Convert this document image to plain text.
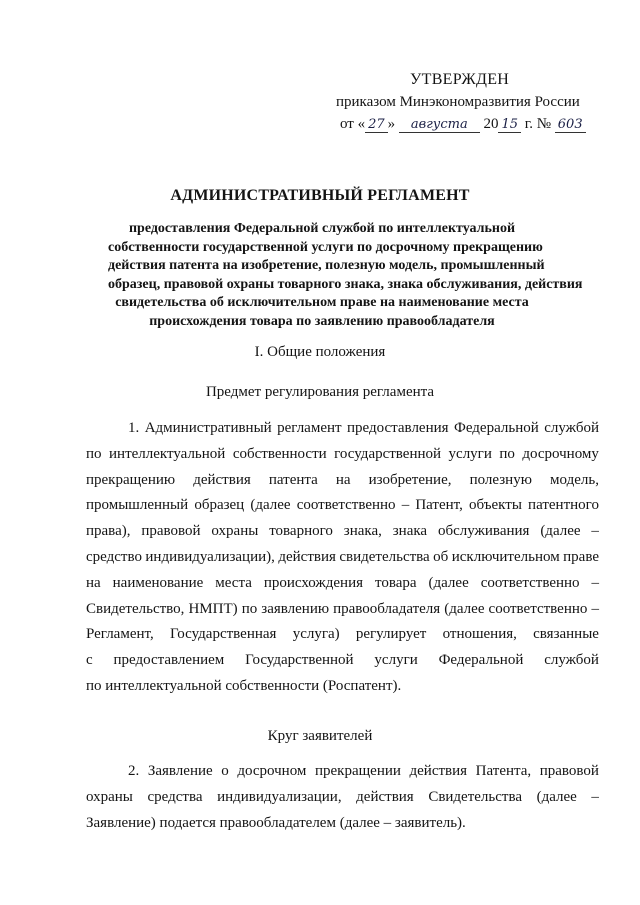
УТВЕРЖДЕН
приказом Минэкономразвития России
от « 27 » августа 20 15 г. № 603
АДМИНИСТРАТИВНЫЙ РЕГЛАМЕНТ
предоставления Федеральной службой по интеллектуальной
собственности государственной услуги по досрочному прекращению
действия патента на изобретение, полезную модель, промышленный
образец, правовой охраны товарного знака, знака обслуживания, действия
свидетельства об исключительном праве на наименование места
происхождения товара по заявлению правообладателя
I. Общие положения
Предмет регулирования регламента
1. Административный регламент предоставления Федеральной службой
по интеллектуальной собственности государственной услуги по досрочному
прекращению действия патента на изобретение, полезную модель,
промышленный образец (далее соответственно – Патент, объекты патентного
права), правовой охраны товарного знака, знака обслуживания (далее –
средство индивидуализации), действия свидетельства об исключительном праве
на наименование места происхождения товара (далее соответственно –
Свидетельство, НМПТ) по заявлению правообладателя (далее соответственно –
Регламент, Государственная услуга) регулирует отношения, связанные
с предоставлением Государственной услуги Федеральной службой
по интеллектуальной собственности (Роспатент).
Круг заявителей
2. Заявление о досрочном прекращении действия Патента, правовой
охраны средства индивидуализации, действия Свидетельства (далее –
Заявление) подается правообладателем (далее – заявитель).
